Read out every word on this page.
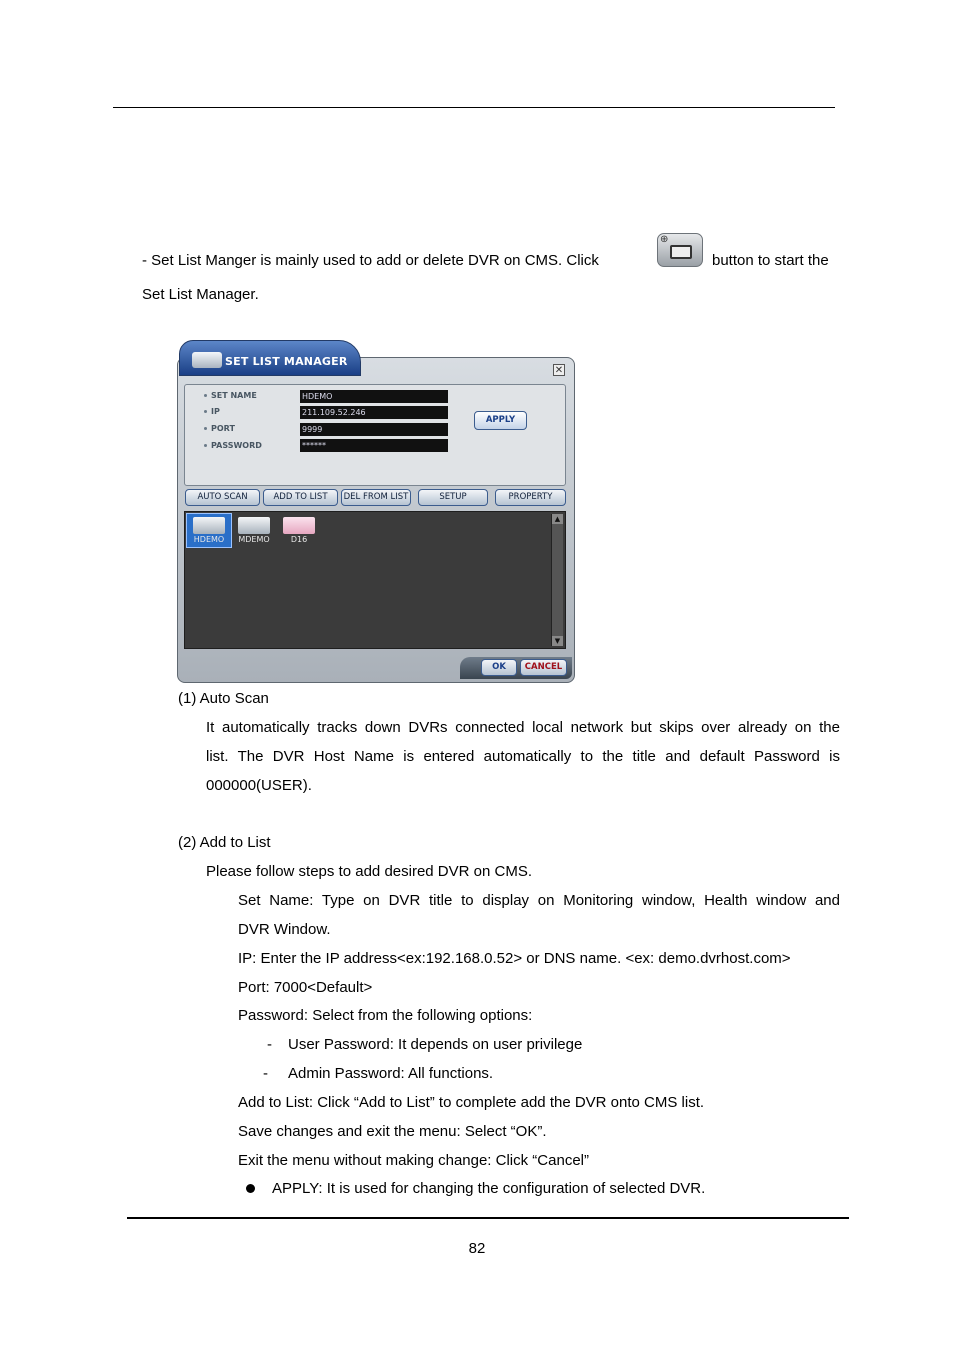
- Set List Manger is mainly used to add or delete DVR on CMS. Click
⊕
button to start the
Set List Manager.
SET LIST MANAGER
✕
SET NAME	HDEMO
IP	211.109.52.246
PORT	9999
PASSWORD	******
APPLY
AUTO SCAN	ADD TO LIST	DEL FROM LIST	SETUP	PROPERTY
HDEMO	MDEMO	D16
▲
▼
OK	CANCEL
(1) Auto Scan
It automatically tracks down DVRs connected local network but skips over already on the
list. The DVR Host Name is entered automatically to the title and default Password is
000000(USER).
(2) Add to List
Please follow steps to add desired DVR on CMS.
Set Name: Type on DVR title to display on Monitoring window, Health window and
DVR Window.
IP: Enter the IP address<ex:192.168.0.52> or DNS name. <ex: demo.dvrhost.com>
Port: 7000<Default>
Password: Select from the following options:
- User Password: It depends on user privilege
- Admin Password: All functions.
Add to List: Click “Add to List” to complete add the DVR onto CMS list.
Save changes and exit the menu: Select “OK”.
Exit the menu without making change: Click “Cancel”
APPLY: It is used for changing the configuration of selected DVR.
82
